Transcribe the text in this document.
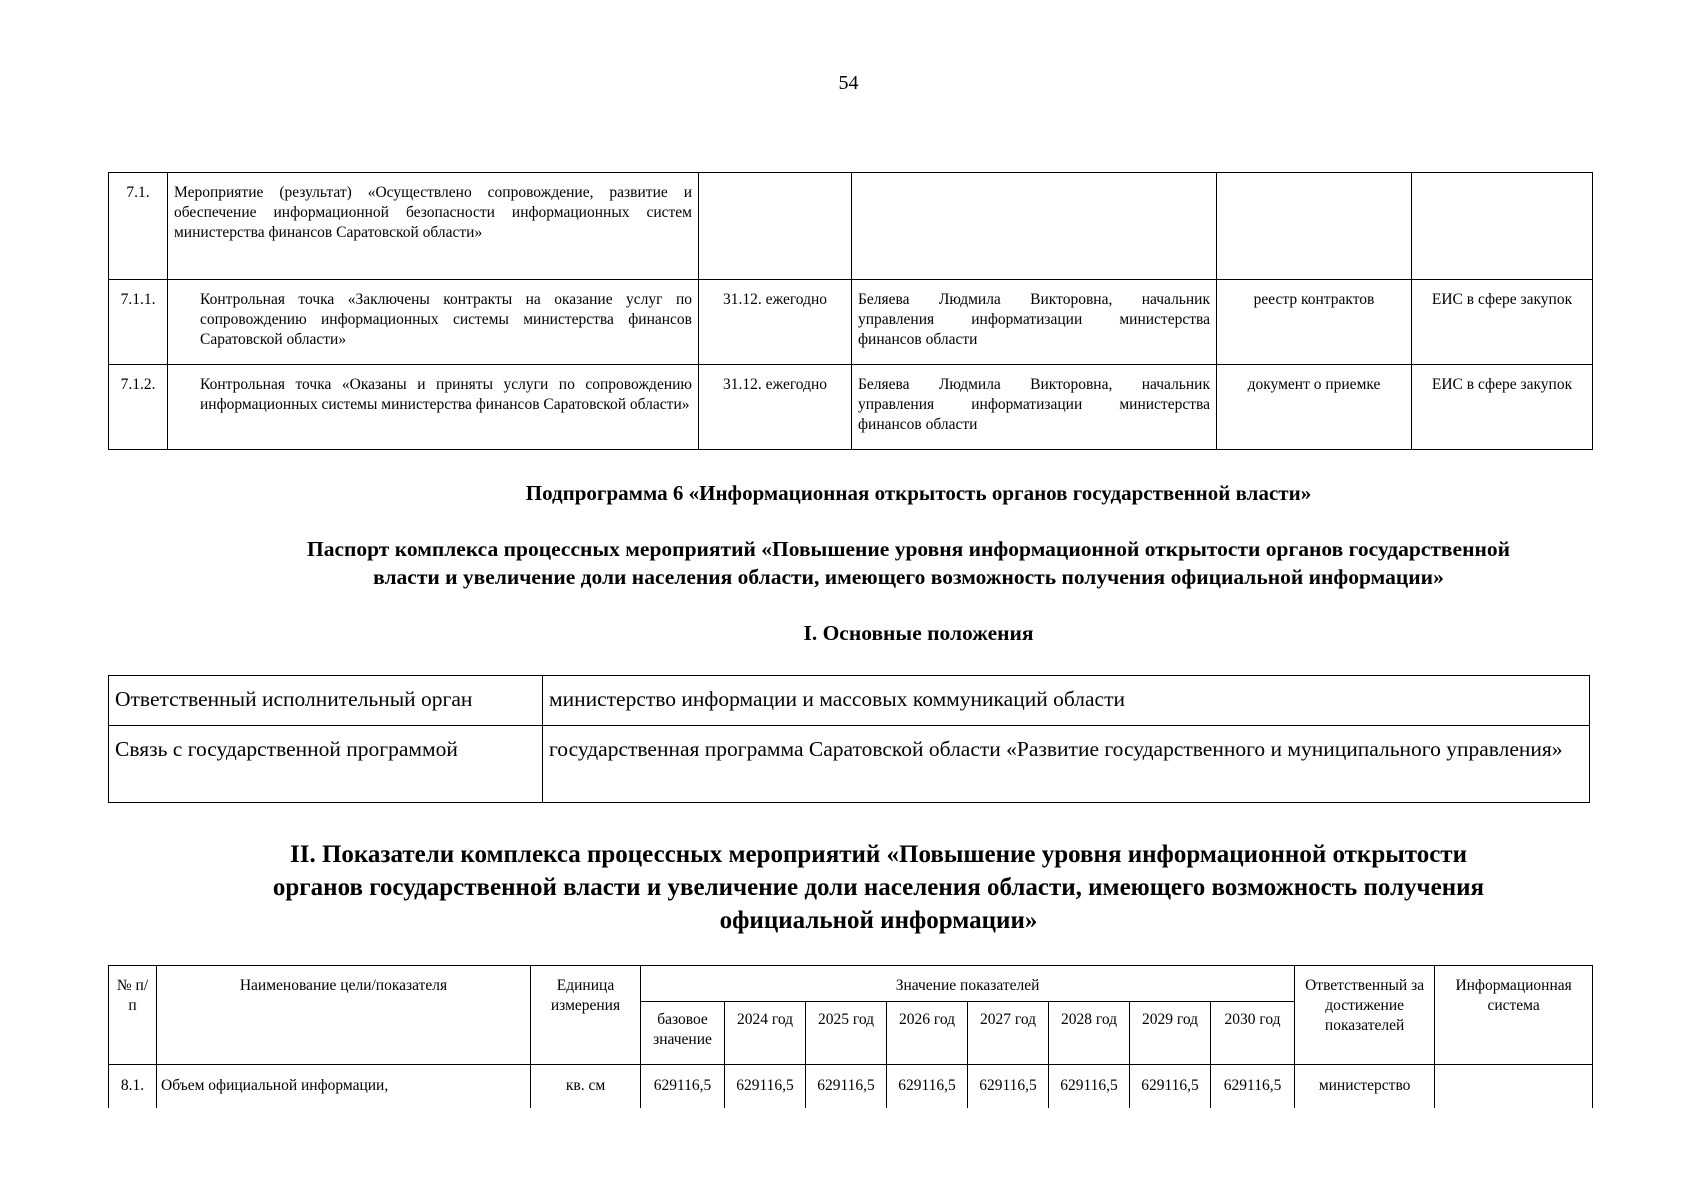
54
7.1.	Мероприятие (результат) «Осуществлено сопровождение, развитие и обеспечение информационной безопасности информационных систем министерства финансов Саратовской области»				
7.1.1.	Контрольная точка «Заключены контракты на оказание услуг по сопровождению информационных системы министерства финансов Саратовской области»	31.12. ежегодно	Беляева Людмила Викторовна, начальник управления информатизации министерства финансов области	реестр контрактов	ЕИС в сфере закупок
7.1.2.	Контрольная точка «Оказаны и приняты услуги по сопровождению информационных системы министерства финансов Саратовской области»	31.12. ежегодно	Беляева Людмила Викторовна, начальник управления информатизации министерства финансов области	документ о приемке	ЕИС в сфере закупок
Подпрограмма 6 «Информационная открытость органов государственной власти»
Паспорт комплекса процессных мероприятий «Повышение уровня информационной открытости органов государственной
власти и увеличение доли населения области, имеющего возможность получения официальной информации»
I. Основные положения
Ответственный исполнительный орган	министерство информации и массовых коммуникаций области
Связь с государственной программой	государственная программа Саратовской области «Развитие государственного и муниципального управления»
II. Показатели комплекса процессных мероприятий «Повышение уровня информационной открытости
органов государственной власти и увеличение доли населения области, имеющего возможность получения
официальной информации»
№ п/п	Наименование цели/показателя	Единица измерения	Значение показателей								Ответственный за достижение показателей	Информационная система
			базовое значение	2024 год	2025 год	2026 год	2027 год	2028 год	2029 год	2030 год		
8.1.	Объем официальной информации,	кв. см	629116,5	629116,5	629116,5	629116,5	629116,5	629116,5	629116,5	629116,5	министерство	
